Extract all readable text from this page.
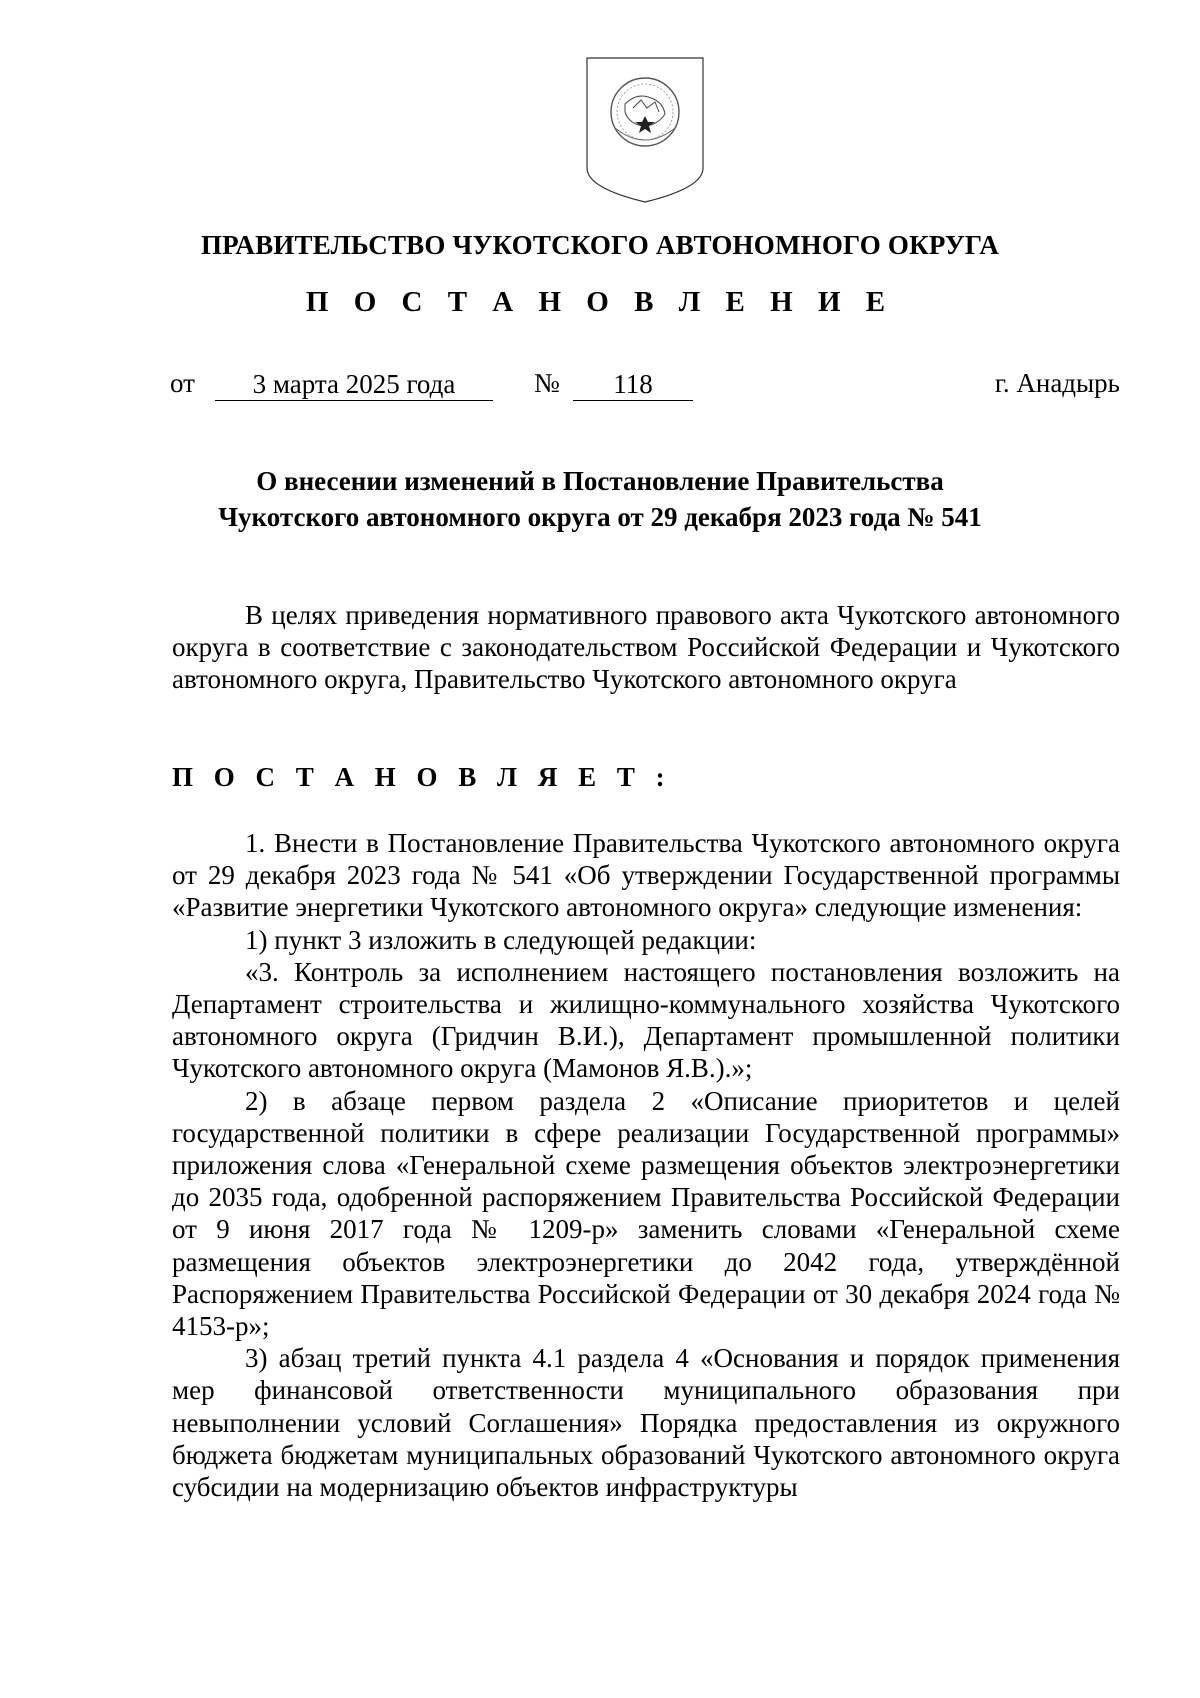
ПРАВИТЕЛЬСТВО ЧУКОТСКОГО АВТОНОМНОГО ОКРУГА
П О С Т А Н О В Л Е Н И Е
от	3 марта 2025 года	№	118	г. Анадырь
О внесении изменений в Постановление Правительства
Чукотского автономного округа от 29 декабря 2023 года № 541

В целях приведения нормативного правового акта Чукотского автономного округа в соответствие с законодательством Российской Федерации и Чукотского автономного округа, Правительство Чукотского автономного округа

П О С Т А Н О В Л Я Е Т :

1. Внести в Постановление Правительства Чукотского автономного округа от 29 декабря 2023 года № 541 «Об утверждении Государственной программы «Развитие энергетики Чукотского автономного округа» следующие изменения:

1) пункт 3 изложить в следующей редакции:

«3. Контроль за исполнением настоящего постановления возложить на Департамент строительства и жилищно-коммунального хозяйства Чукотского автономного округа (Гридчин В.И.), Департамент промышленной политики Чукотского автономного округа (Мамонов Я.В.).»;

2) в абзаце первом раздела 2 «Описание приоритетов и целей государственной политики в сфере реализации Государственной программы» приложения слова «Генеральной схеме размещения объектов электроэнергетики до 2035 года, одобренной распоряжением Правительства Российской Федерации от 9 июня 2017 года № 1209-р» заменить словами «Генеральной схеме размещения объектов электроэнергетики до 2042 года, утверждённой Распоряжением Правительства Российской Федерации от 30 декабря 2024 года № 4153-р»;

3) абзац третий пункта 4.1 раздела 4 «Основания и порядок применения мер финансовой ответственности муниципального образования при невыполнении условий Соглашения» Порядка предоставления из окружного бюджета бюджетам муниципальных образований Чукотского автономного округа субсидии на модернизацию объектов инфраструктуры
